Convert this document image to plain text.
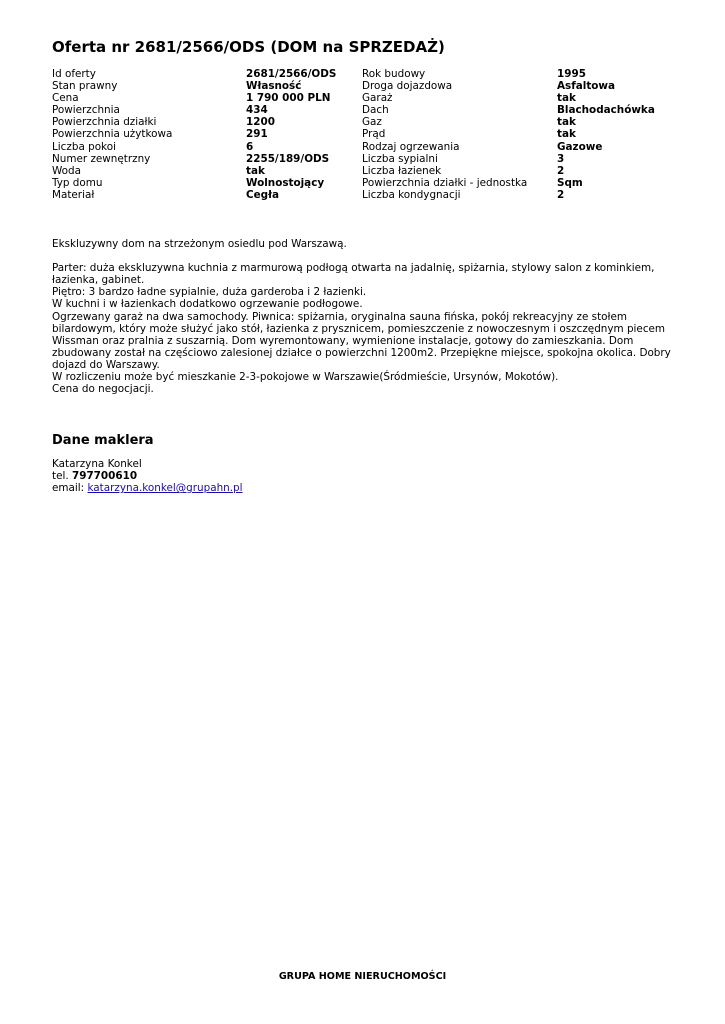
Oferta nr 2681/2566/ODS (DOM na SPRZEDAŻ)
Id oferty	2681/2566/ODS Rok budowy	1995
Stan prawny	Własność	Droga dojazdowa	Asfaltowa
Cena	1 790 000 PLN	Garaż	tak
Powierzchnia	434	Dach	Blachodachówka
Powierzchnia działki	1200	Gaz	tak
Powierzchnia użytkowa	291	Prąd	tak
Liczba pokoi	6	Rodzaj ogrzewania	Gazowe
Numer zewnętrzny	2255/189/ODS	Liczba sypialni	3
Woda	tak	Liczba łazienek	2
Typ domu	Wolnostojący	Powierzchnia działki - jednostka	Sqm
Materiał	Cegła	Liczba kondygnacji	2

Ekskluzywny dom na strzeżonym osiedlu pod Warszawą.

Parter: duża ekskluzywna kuchnia z marmurową podłogą otwarta na jadalnię, spiżarnia, stylowy salon z kominkiem, łazienka, gabinet.

Piętro: 3 bardzo ładne sypialnie, duża garderoba i 2 łazienki.

W kuchni i w łazienkach dodatkowo ogrzewanie podłogowe.

Ogrzewany garaż na dwa samochody. Piwnica: spiżarnia, oryginalna sauna fińska, pokój rekreacyjny ze stołem bilardowym, który może służyć jako stół, łazienka z prysznicem, pomieszczenie z nowoczesnym i oszczędnym piecem Wissman oraz pralnia z suszarnią. Dom wyremontowany, wymienione instalacje, gotowy do zamieszkania. Dom zbudowany został na częściowo zalesionej działce o powierzchni 1200m2. Przepiękne miejsce, spokojna okolica. Dobry dojazd do Warszawy.

W rozliczeniu może być mieszkanie 2-3-pokojowe w Warszawie(Śródmieście, Ursynów, Mokotów).

Cena do negocjacji.

Dane maklera
Katarzyna Konkel
tel. 797700610
email: katarzyna.konkel@grupahn.pl
GRUPA HOME NIERUCHOMOŚCI
